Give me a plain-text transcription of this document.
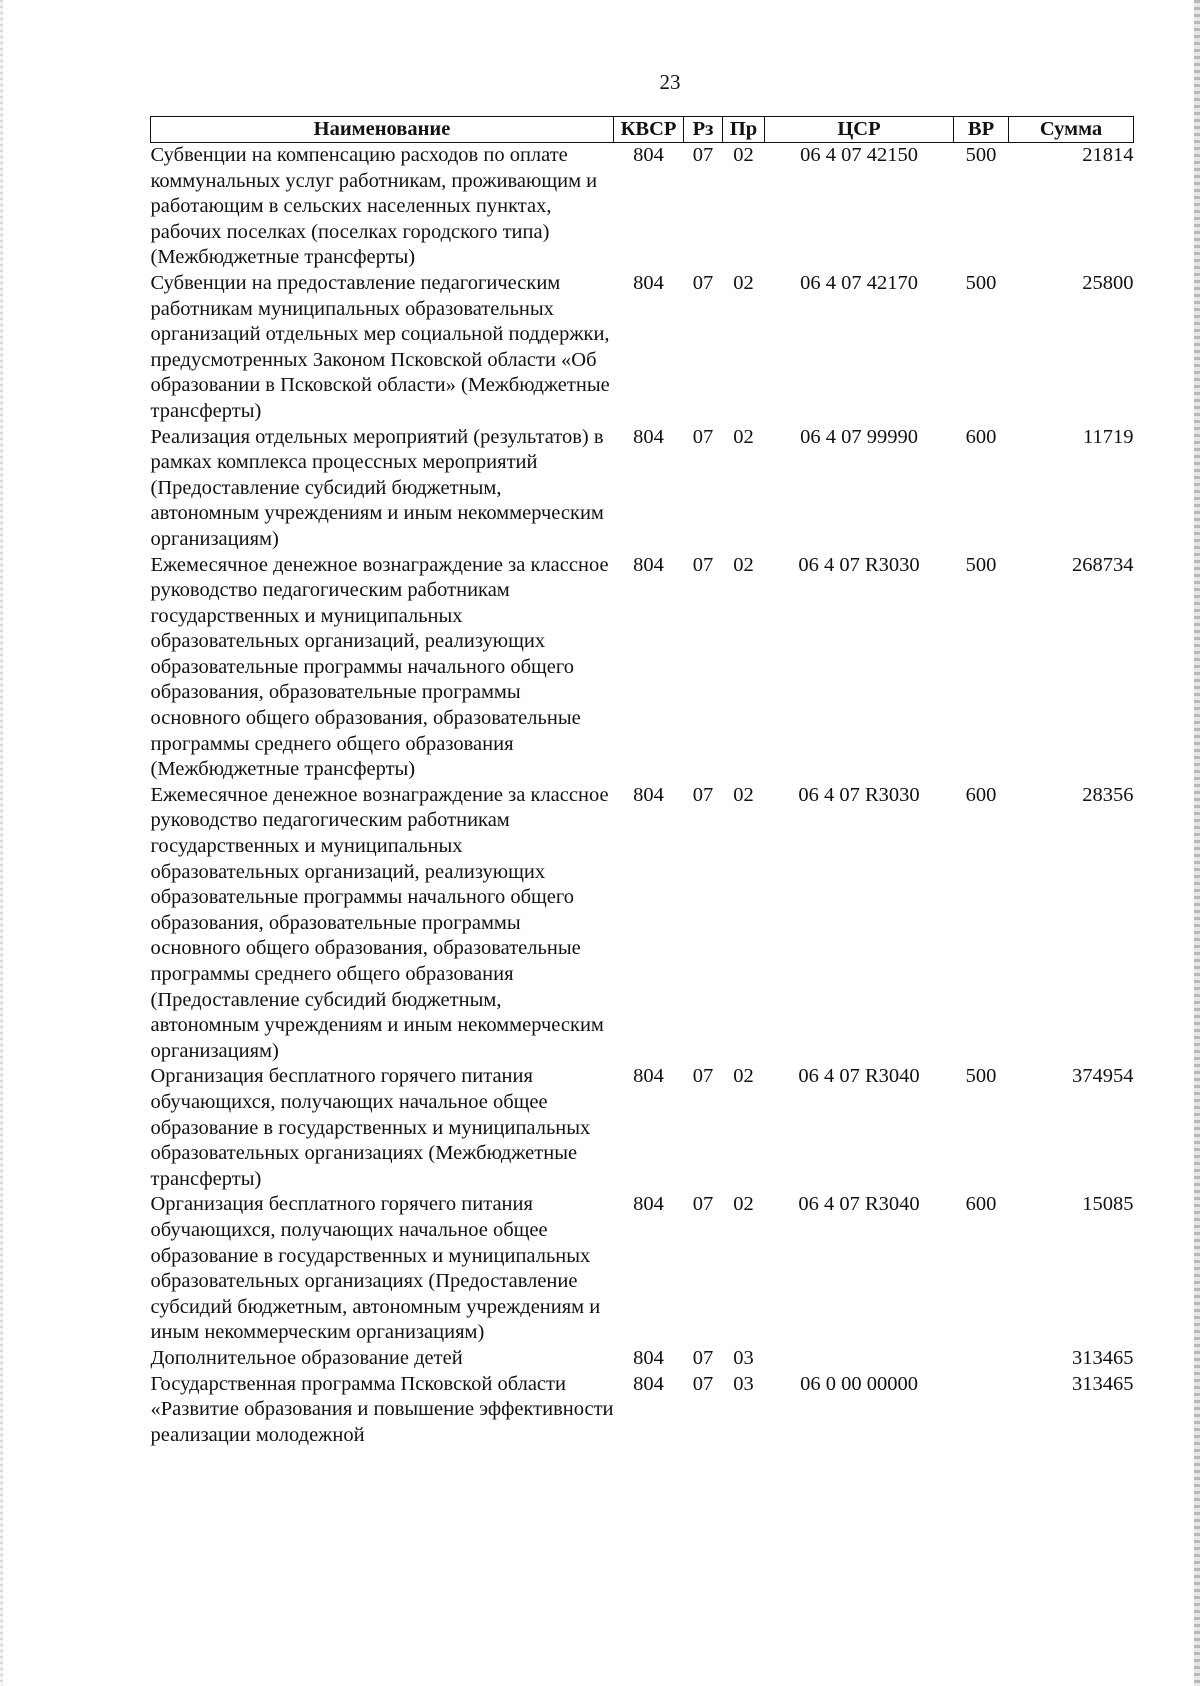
23
Наименование	КВСР	Рз	Пр	ЦСР	ВР	Сумма
Субвенции на компенсацию расходов по оплате коммунальных услуг работникам, проживающим и работающим в сельских населенных пунктах, рабочих поселках (поселках городского типа) (Межбюджетные трансферты)	804	07	02	06 4 07 42150	500	21814
Субвенции на предоставление педагогическим работникам муниципальных образовательных организаций отдельных мер социальной поддержки, предусмотренных Законом Псковской области «Об образовании в Псковской области» (Межбюджетные трансферты)	804	07	02	06 4 07 42170	500	25800
Реализация отдельных мероприятий (результатов) в рамках комплекса процессных мероприятий (Предоставление субсидий бюджетным, автономным учреждениям и иным некоммерческим организациям)	804	07	02	06 4 07 99990	600	11719
Ежемесячное денежное вознаграждение за классное руководство педагогическим работникам государственных и муниципальных образовательных организаций, реализующих образовательные программы начального общего образования, образовательные программы основного общего образования, образовательные программы среднего общего образования (Межбюджетные трансферты)	804	07	02	06 4 07 R3030	500	268734
Ежемесячное денежное вознаграждение за классное руководство педагогическим работникам государственных и муниципальных образовательных организаций, реализующих образовательные программы начального общего образования, образовательные программы основного общего образования, образовательные программы среднего общего образования (Предоставление субсидий бюджетным, автономным учреждениям и иным некоммерческим организациям)	804	07	02	06 4 07 R3030	600	28356
Организация бесплатного горячего питания обучающихся, получающих начальное общее образование в государственных и муниципальных образовательных организациях (Межбюджетные трансферты)	804	07	02	06 4 07 R3040	500	374954
Организация бесплатного горячего питания обучающихся, получающих начальное общее образование в государственных и муниципальных образовательных организациях (Предоставление субсидий бюджетным, автономным учреждениям и иным некоммерческим организациям)	804	07	02	06 4 07 R3040	600	15085
Дополнительное образование детей	804	07	03			313465
Государственная программа Псковской области «Развитие образования и повышение эффективности реализации молодежной	804	07	03	06 0 00 00000		313465
